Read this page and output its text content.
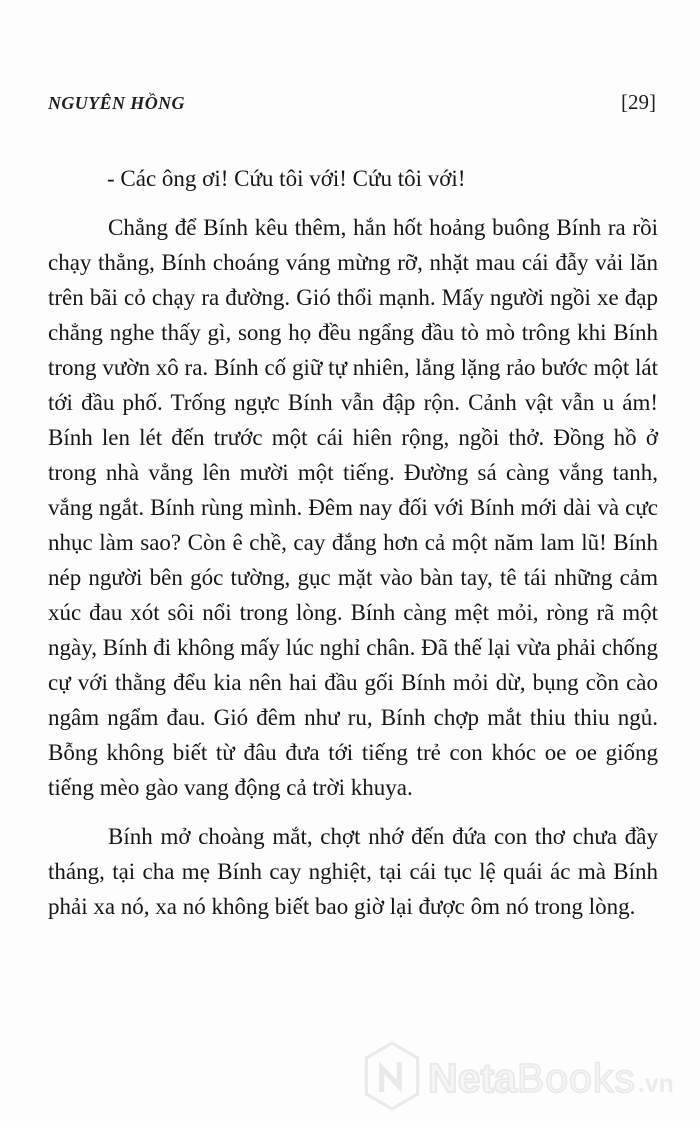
NGUYÊN HỒNG	[29]

- Các ông ơi! Cứu tôi với! Cứu tôi với!

Chẳng để Bính kêu thêm, hắn hốt hoảng buông Bính ra rồi chạy thẳng, Bính choáng váng mừng rỡ, nhặt mau cái đẫy vải lăn trên bãi cỏ chạy ra đường. Gió thổi mạnh. Mấy người ngồi xe đạp chẳng nghe thấy gì, song họ đều ngẩng đầu tò mò trông khi Bính trong vườn xô ra. Bính cố giữ tự nhiên, lẳng lặng rảo bước một lát tới đầu phố. Trống ngực Bính vẫn đập rộn. Cảnh vật vẫn u ám! Bính len lét đến trước một cái hiên rộng, ngồi thở. Đồng hồ ở trong nhà vẳng lên mười một tiếng. Đường sá càng vắng tanh, vắng ngắt. Bính rùng mình. Đêm nay đối với Bính mới dài và cực nhục làm sao? Còn ê chề, cay đắng hơn cả một năm lam lũ! Bính nép người bên góc tường, gục mặt vào bàn tay, tê tái những cảm xúc đau xót sôi nổi trong lòng. Bính càng mệt mỏi, ròng rã một ngày, Bính đi không mấy lúc nghỉ chân. Đã thế lại vừa phải chống cự với thằng đểu kia nên hai đầu gối Bính mỏi dừ, bụng cồn cào ngâm ngẩm đau. Gió đêm như ru, Bính chợp mắt thiu thiu ngủ. Bỗng không biết từ đâu đưa tới tiếng trẻ con khóc oe oe giống tiếng mèo gào vang động cả trời khuya.

Bính mở choàng mắt, chợt nhớ đến đứa con thơ chưa đầy tháng, tại cha mẹ Bính cay nghiệt, tại cái tục lệ quái ác mà Bính phải xa nó, xa nó không biết bao giờ lại được ôm nó trong lòng.

NetaBooks.vn
